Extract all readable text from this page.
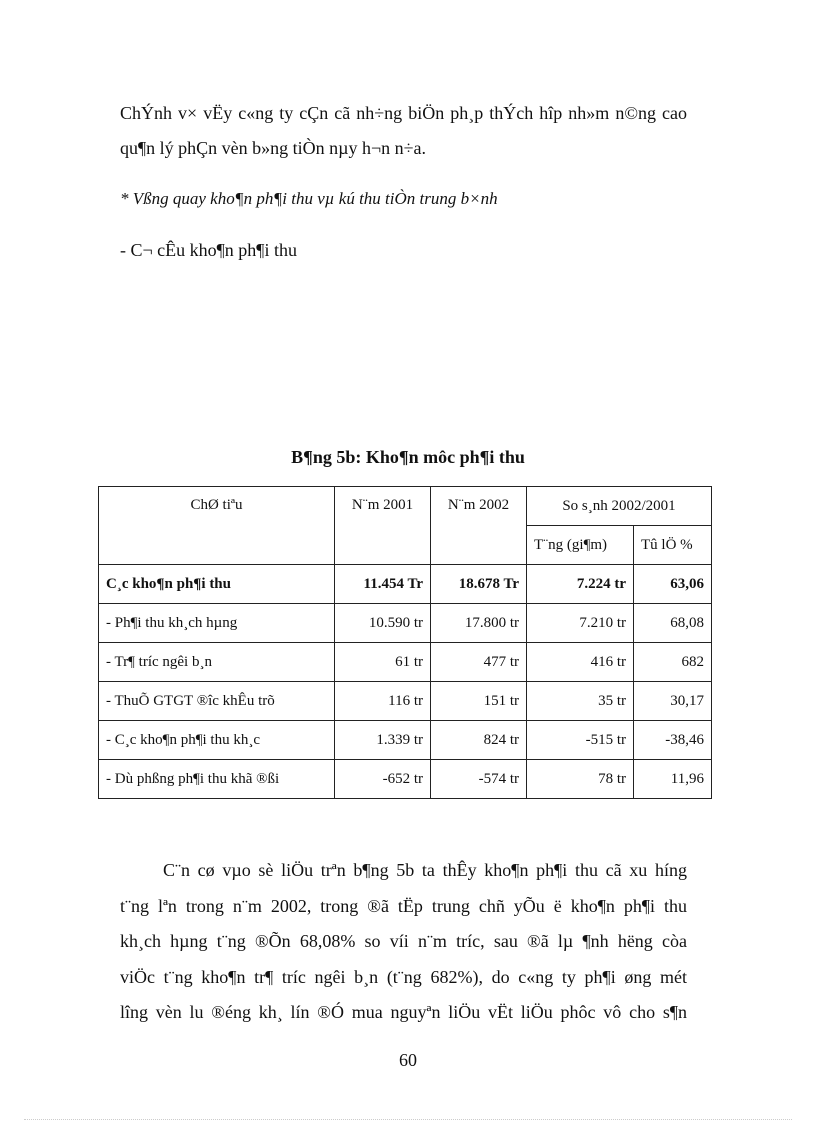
ChÝnh v× vËy c«ng ty cÇn cã nh÷ng biÖn ph¸p thÝch hîp nh»m n©ng cao
qu¶n lý phÇn vèn b»ng tiÒn nµy h¬n n÷a.
* Vßng quay kho¶n ph¶i thu vµ kú thu tiÒn trung b×nh
- C¬ cÊu kho¶n ph¶i thu
B¶ng 5b: Kho¶n môc ph¶i thu
ChØ tiªu	N¨m 2001	N¨m 2002	So s¸nh 2002/2001	
			T¨ng (gi¶m)	Tû lÖ %
C¸c kho¶n ph¶i thu	11.454 Tr	18.678 Tr	7.224 tr	63,06
- Ph¶i thu kh¸ch hµng	10.590 tr	17.800 tr	7.210 tr	68,08
- Tr¶ tríc ngêi b¸n	61 tr	477 tr	416 tr	682
- ThuÕ GTGT ®îc khÊu trõ	116 tr	151 tr	35 tr	30,17
- C¸c kho¶n ph¶i thu kh¸c	1.339 tr	824 tr	-515 tr	-38,46
- Dù phßng ph¶i thu khã ®ßi	-652 tr	-574 tr	78 tr	11,96
C¨n cø vµo sè liÖu trªn b¶ng 5b ta thÊy kho¶n ph¶i thu cã xu híng
t¨ng lªn trong n¨m 2002, trong ®ã tËp trung chñ yÕu ë kho¶n ph¶i thu
kh¸ch hµng t¨ng ®Õn 68,08% so víi n¨m tríc, sau ®ã lµ ¶nh hëng còa
viÖc t¨ng kho¶n tr¶ tríc ngêi b¸n (t¨ng 682%), do c«ng ty ph¶i øng mét
lîng vèn lu ®éng kh¸ lín ®Ó mua nguyªn liÖu vËt liÖu phôc vô cho s¶n
60
